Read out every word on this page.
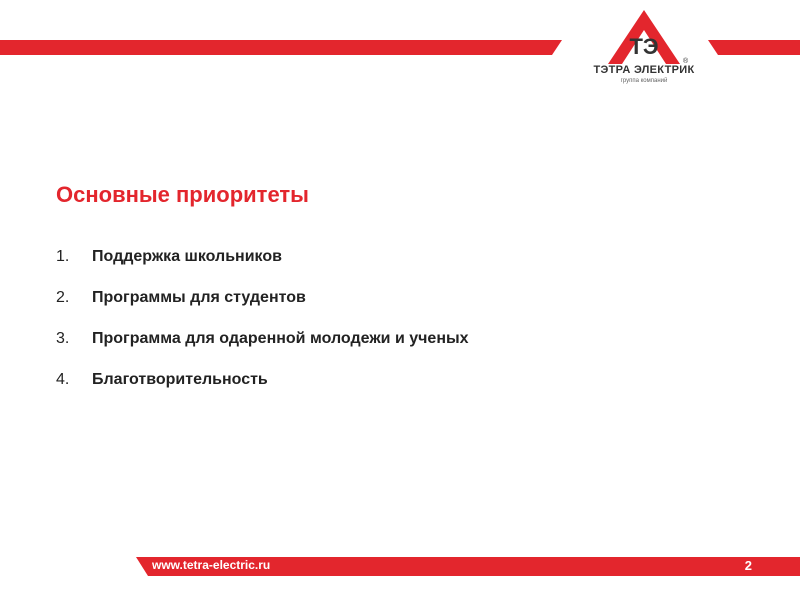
ТЭ
ТЭТРА ЭЛЕКТРИК
®
группа компаний
Основные приоритеты
1. Поддержка школьников
2. Программы для студентов
3. Программа для одаренной молодежи и ученых
4. Благотворительность
www.tetra-electric.ru	2
